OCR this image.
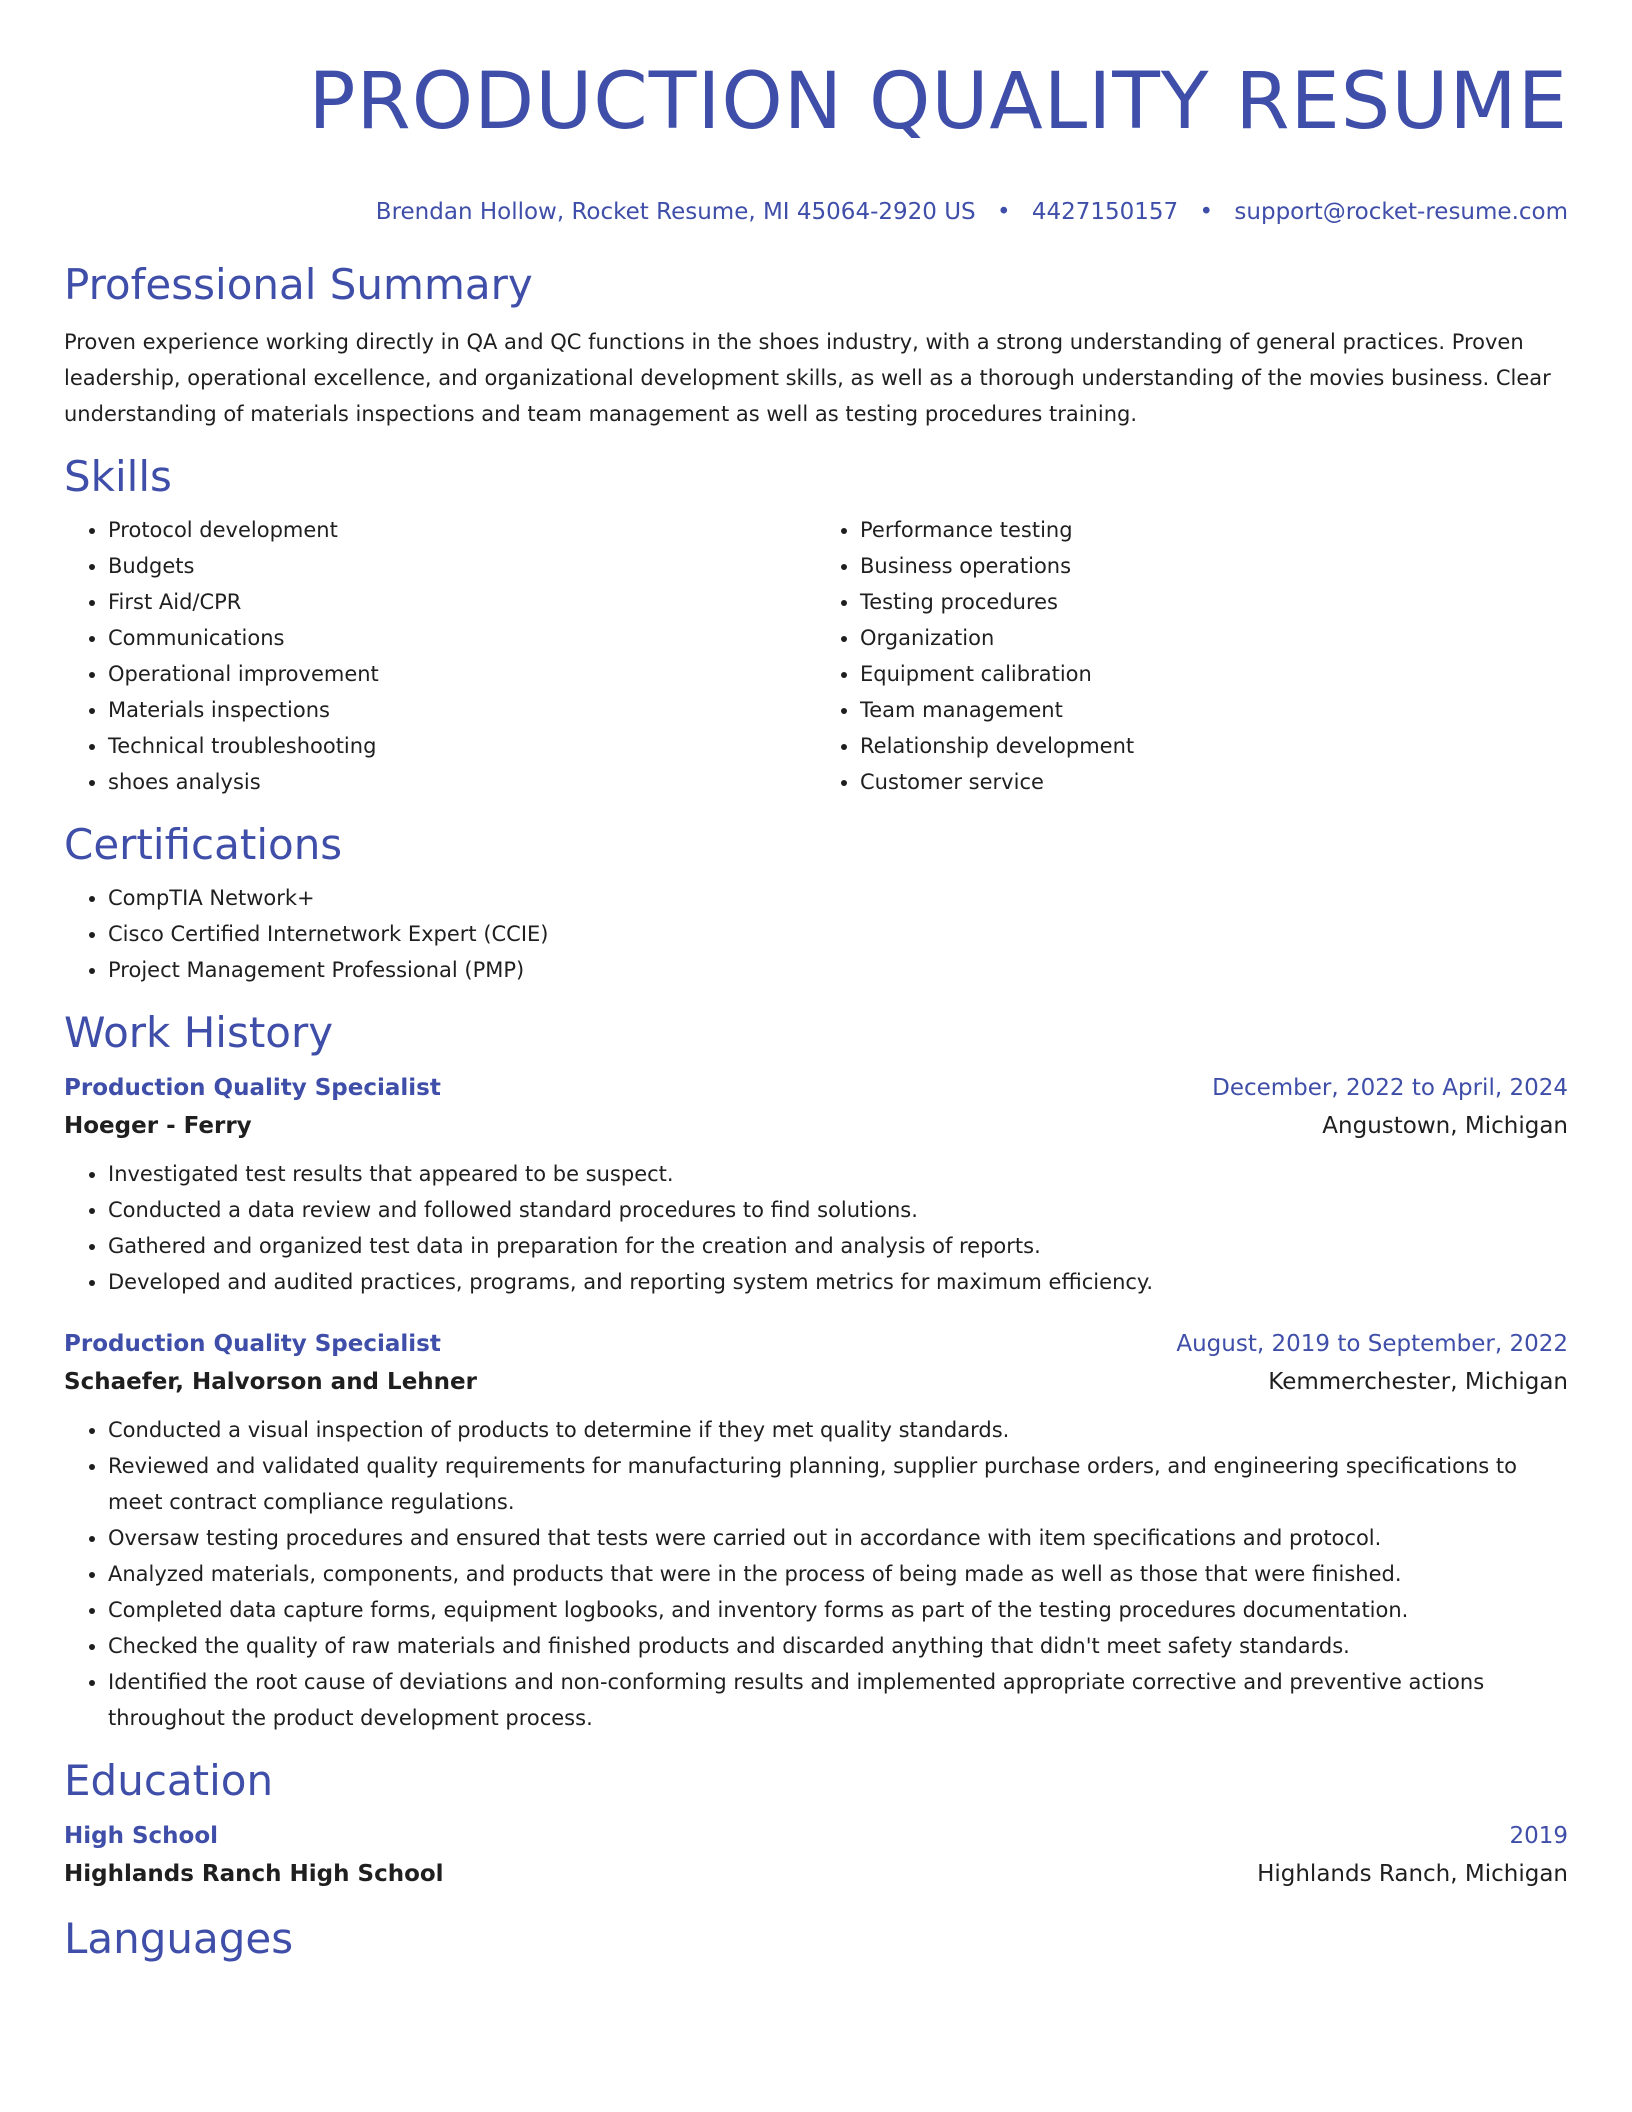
PRODUCTION QUALITY RESUME
Brendan Hollow, Rocket Resume, MI 45064-2920 US • 4427150157 • support@rocket-resume.com
Professional Summary

Proven experience working directly in QA and QC functions in the shoes industry, with a strong understanding of general practices. Proven leadership, operational excellence, and organizational development skills, as well as a thorough understanding of the movies business. Clear understanding of materials inspections and team management as well as testing procedures training.

Skills
• Protocol development
• Budgets
• First Aid/CPR
• Communications
• Operational improvement
• Materials inspections
• Technical troubleshooting
• shoes analysis
• Performance testing
• Business operations
• Testing procedures
• Organization
• Equipment calibration
• Team management
• Relationship development
• Customer service
Certifications
• CompTIA Network+
• Cisco Certified Internetwork Expert (CCIE)
• Project Management Professional (PMP)
Work History
Production Quality Specialist	December, 2022 to April, 2024
Hoeger - Ferry	Angustown, Michigan
• Investigated test results that appeared to be suspect.
• Conducted a data review and followed standard procedures to find solutions.
• Gathered and organized test data in preparation for the creation and analysis of reports.
• Developed and audited practices, programs, and reporting system metrics for maximum efficiency.
Production Quality Specialist	August, 2019 to September, 2022
Schaefer, Halvorson and Lehner	Kemmerchester, Michigan
• Conducted a visual inspection of products to determine if they met quality standards.
• Reviewed and validated quality requirements for manufacturing planning, supplier purchase orders, and engineering specifications to meet contract compliance regulations.
• Oversaw testing procedures and ensured that tests were carried out in accordance with item specifications and protocol.
• Analyzed materials, components, and products that were in the process of being made as well as those that were finished.
• Completed data capture forms, equipment logbooks, and inventory forms as part of the testing procedures documentation.
• Checked the quality of raw materials and finished products and discarded anything that didn't meet safety standards.
• Identified the root cause of deviations and non-conforming results and implemented appropriate corrective and preventive actions throughout the product development process.
Education
High School	2019
Highlands Ranch High School	Highlands Ranch, Michigan
Languages
